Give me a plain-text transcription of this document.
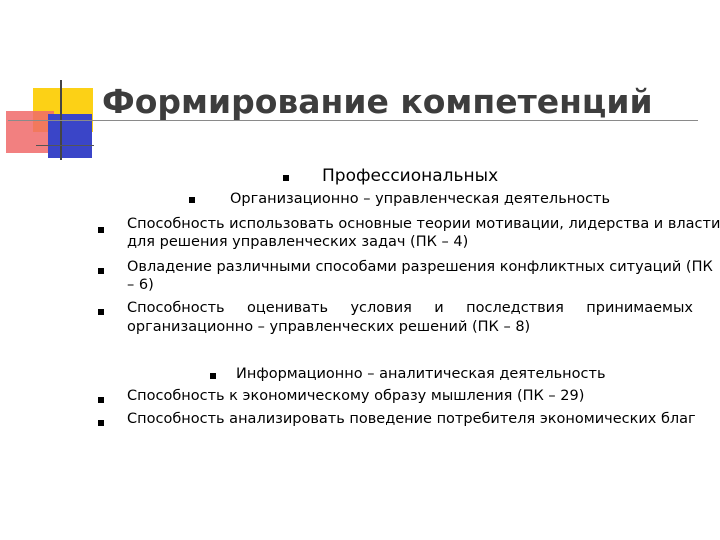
Формирование компетенций
Профессиональных
Организационно – управленческая деятельность
Способность использовать основные теории мотивации, лидерства и власти
для решения управленческих задач (ПК – 4)
Овладение различными способами разрешения конфликтных ситуаций (ПК
– 6)
Способность оценивать условия и последствия принимаемых
организационно – управленческих решений (ПК – 8)
Информационно – аналитическая деятельность
Способность к экономическому образу мышления (ПК – 29)
Способность анализировать поведение потребителя экономических благ
